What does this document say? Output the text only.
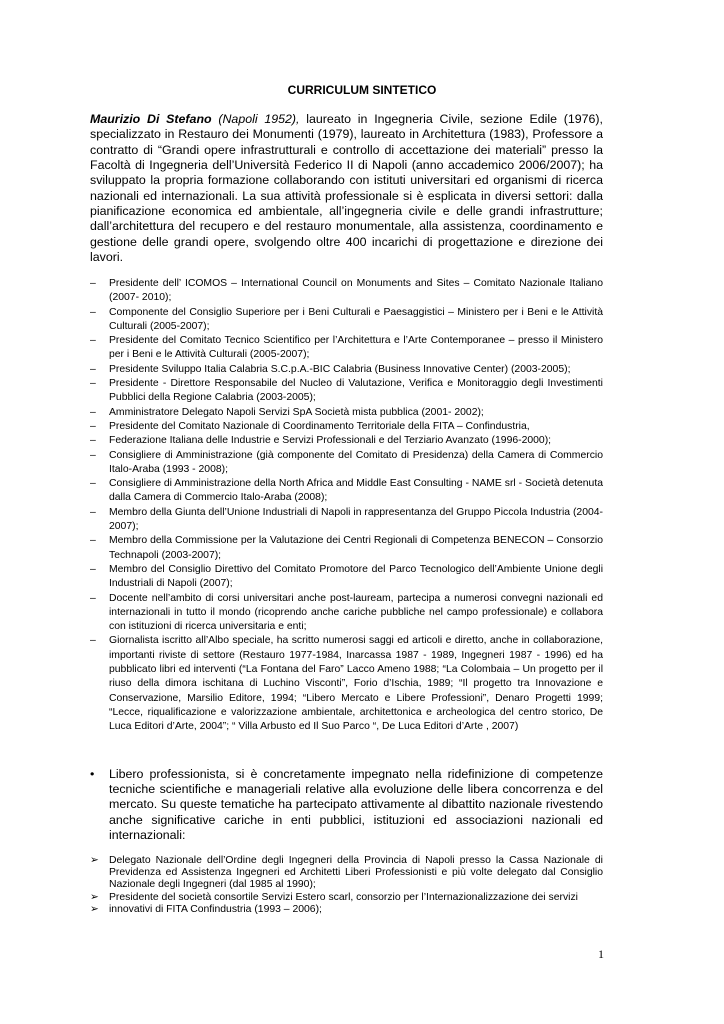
CURRICULUM SINTETICO

Maurizio Di Stefano (Napoli 1952), laureato in Ingegneria Civile, sezione Edile (1976), specializzato in Restauro dei Monumenti (1979), laureato in Architettura (1983), Professore a contratto di “Grandi opere infrastrutturali e controllo di accettazione dei materiali” presso la Facoltà di Ingegneria dell’Università Federico II di Napoli (anno accademico 2006/2007); ha sviluppato la propria formazione collaborando con istituti universitari ed organismi di ricerca nazionali ed internazionali. La sua attività professionale si è esplicata in diversi settori: dalla pianificazione economica ed ambientale, all’ingegneria civile e delle grandi infrastrutture; dall’architettura del recupero e del restauro monumentale, alla assistenza, coordinamento e gestione delle grandi opere, svolgendo oltre 400 incarichi di progettazione e direzione dei lavori.

– Presidente dell’ ICOMOS – International Council on Monuments and Sites – Comitato Nazionale Italiano (2007- 2010);
– Componente del Consiglio Superiore per i Beni Culturali e Paesaggistici – Ministero per i Beni e le Attività Culturali (2005-2007);
– Presidente del Comitato Tecnico Scientifico per l’Architettura e l’Arte Contemporanee – presso il Ministero per i Beni e le Attività Culturali (2005-2007);
– Presidente Sviluppo Italia Calabria S.C.p.A.-BIC Calabria (Business Innovative Center) (2003-2005);
– Presidente - Direttore Responsabile del Nucleo di Valutazione, Verifica e Monitoraggio degli Investimenti Pubblici della Regione Calabria (2003-2005);
– Amministratore Delegato Napoli Servizi SpA Società mista pubblica (2001- 2002);
– Presidente del Comitato Nazionale di Coordinamento Territoriale della FITA – Confindustria,
– Federazione Italiana delle Industrie e Servizi Professionali e del Terziario Avanzato (1996-2000);
– Consigliere di Amministrazione (già componente del Comitato di Presidenza) della Camera di Commercio Italo-Araba (1993 - 2008);
– Consigliere di Amministrazione della North Africa and Middle East Consulting - NAME srl - Società detenuta dalla Camera di Commercio Italo-Araba (2008);
– Membro della Giunta dell’Unione Industriali di Napoli in rappresentanza del Gruppo Piccola Industria (2004-2007);
– Membro della Commissione per la Valutazione dei Centri Regionali di Competenza BENECON – Consorzio Technapoli (2003-2007);
– Membro del Consiglio Direttivo del Comitato Promotore del Parco Tecnologico dell’Ambiente Unione degli Industriali di Napoli (2007);
– Docente nell’ambito di corsi universitari anche post-lauream, partecipa a numerosi convegni nazionali ed internazionali in tutto il mondo (ricoprendo anche cariche pubbliche nel campo professionale) e collabora con istituzioni di ricerca universitaria e enti;
– Giornalista iscritto all’Albo speciale, ha scritto numerosi saggi ed articoli e diretto, anche in collaborazione, importanti riviste di settore (Restauro 1977-1984, Inarcassa 1987 - 1989, Ingegneri 1987 - 1996) ed ha pubblicato libri ed interventi (“La Fontana del Faro” Lacco Ameno 1988; “La Colombaia – Un progetto per il riuso della dimora ischitana di Luchino Visconti”, Forio d’Ischia, 1989; “Il progetto tra Innovazione e Conservazione, Marsilio Editore, 1994; “Libero Mercato e Libere Professioni”, Denaro Progetti 1999; “Lecce, riqualificazione e valorizzazione ambientale, architettonica e archeologica del centro storico, De Luca Editori d’Arte, 2004”; “ Villa Arbusto ed Il Suo Parco “, De Luca Editori d’Arte , 2007)

•	Libero professionista, si è concretamente impegnato nella ridefinizione di competenze tecniche scientifiche e manageriali relative alla evoluzione delle libera concorrenza e del mercato. Su queste tematiche ha partecipato attivamente al dibattito nazionale rivestendo anche significative cariche in enti pubblici, istituzioni ed associazioni nazionali ed internazionali:

➢ Delegato Nazionale dell’Ordine degli Ingegneri della Provincia di Napoli presso la Cassa Nazionale di Previdenza ed Assistenza Ingegneri ed Architetti Liberi Professionisti e più volte delegato dal Consiglio Nazionale degli Ingegneri (dal 1985 al 1990);
➢ Presidente del società consortile Servizi Estero scarl, consorzio per l’Internazionalizzazione dei servizi
➢ innovativi di FITA Confindustria (1993 – 2006);
1
